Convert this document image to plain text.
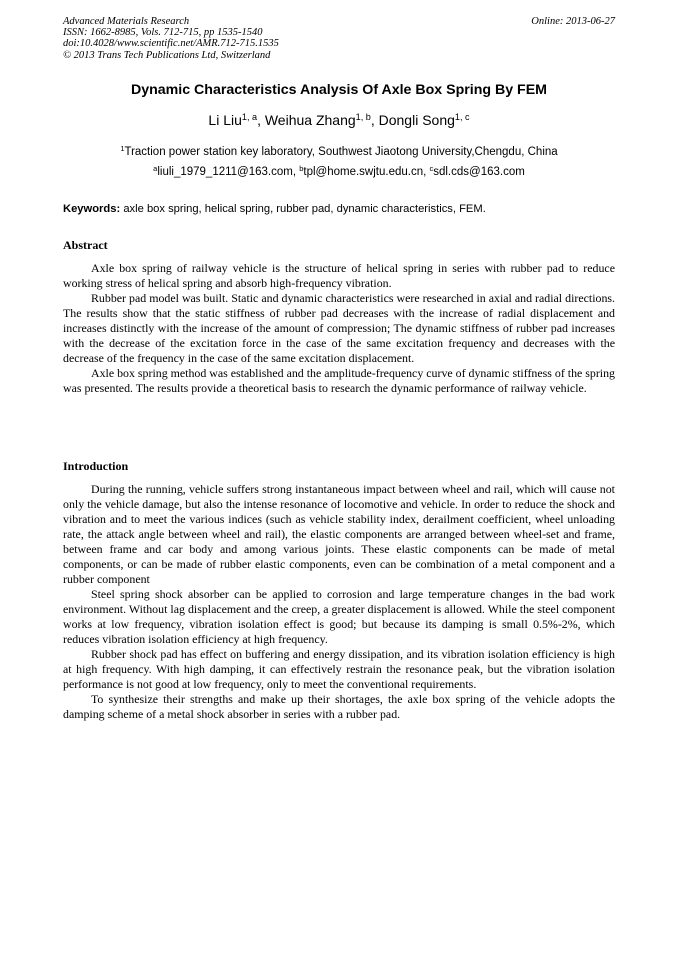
Advanced Materials Research
ISSN: 1662-8985, Vols. 712-715, pp 1535-1540
doi:10.4028/www.scientific.net/AMR.712-715.1535
© 2013 Trans Tech Publications Ltd, Switzerland
Online: 2013-06-27
Dynamic Characteristics Analysis Of Axle Box Spring By FEM
Li Liu$^{1, a}$, Weihua Zhang$^{1, b}$, Dongli Song$^{1, c}$
$^1$Traction power station key laboratory, Southwest Jiaotong University,Chengdu, China
$^a$liuli_1979_1211@163.com, $^b$tpl@home.swjtu.edu.cn, $^c$sdl.cds@163.com
Keywords: axle box spring, helical spring, rubber pad, dynamic characteristics, FEM.
Abstract

Axle box spring of railway vehicle is the structure of helical spring in series with rubber pad to reduce working stress of helical spring and absorb high-frequency vibration.

Rubber pad model was built. Static and dynamic characteristics were researched in axial and radial directions. The results show that the static stiffness of rubber pad decreases with the increase of radial displacement and increases distinctly with the increase of the amount of compression; The dynamic stiffness of rubber pad increases with the decrease of the excitation force in the case of the same excitation frequency and decreases with the decrease of the frequency in the case of the same excitation displacement.

Axle box spring method was established and the amplitude-frequency curve of dynamic stiffness of the spring was presented. The results provide a theoretical basis to research the dynamic performance of railway vehicle.

Introduction

During the running, vehicle suffers strong instantaneous impact between wheel and rail, which will cause not only the vehicle damage, but also the intense resonance of locomotive and vehicle. In order to reduce the shock and vibration and to meet the various indices (such as vehicle stability index, derailment coefficient, wheel unloading rate, the attack angle between wheel and rail), the elastic components are arranged between wheel-set and frame, between frame and car body and among various joints. These elastic components can be made of metal components, or can be made of rubber elastic components, even can be combination of a metal component and a rubber component

Steel spring shock absorber can be applied to corrosion and large temperature changes in the bad work environment. Without lag displacement and the creep, a greater displacement is allowed. While the steel component works at low frequency, vibration isolation effect is good; but because its damping is small 0.5%-2%, which reduces vibration isolation efficiency at high frequency.

Rubber shock pad has effect on buffering and energy dissipation, and its vibration isolation efficiency is high at high frequency. With high damping, it can effectively restrain the resonance peak, but the vibration isolation performance is not good at low frequency, only to meet the conventional requirements.

To synthesize their strengths and make up their shortages, the axle box spring of the vehicle adopts the damping scheme of a metal shock absorber in series with a rubber pad.
